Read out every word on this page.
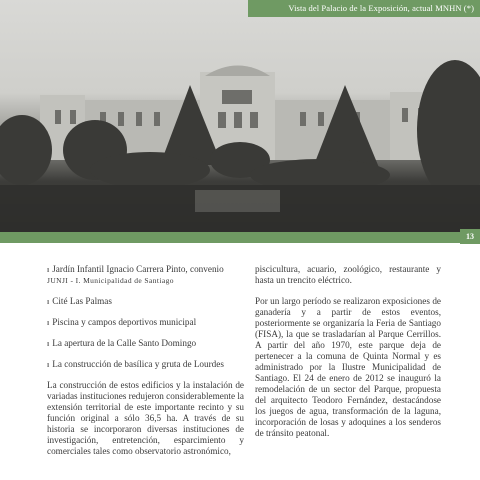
Vista del Palacio de la Exposición, actual MNHN (*)
13
ı Jardín Infantil Ignacio Carrera Pinto, convenio
JUNJI - I. Municipalidad de Santiago
ı Cité Las Palmas
ı Piscina y campos deportivos municipal
ı La apertura de la Calle Santo Domingo
ı La construcción de basílica y gruta de Lourdes

La construcción de estos edificios y la instalación de variadas instituciones redujeron considerablemente la extensión territorial de este importante recinto y su función original a sólo 36,5 ha. A través de su historia se incorporaron diversas instituciones de investigación, entretención, esparcimiento y comerciales tales como observatorio astronómico,

piscicultura, acuario, zoológico, restaurante y hasta un trencito eléctrico.

Por un largo período se realizaron exposiciones de ganadería y a partir de estos eventos, posteriormente se organizaría la Feria de Santiago (FISA), la que se trasladarían al Parque Cerrillos. A partir del año 1970, este parque deja de pertenecer a la comuna de Quinta Normal y es administrado por la Ilustre Municipalidad de Santiago. El 24 de enero de 2012 se inauguró la remodelación de un sector del Parque, propuesta del arquitecto Teodoro Fernández, destacándose los juegos de agua, transformación de la laguna, incorporación de losas y adoquines a los senderos de tránsito peatonal.
